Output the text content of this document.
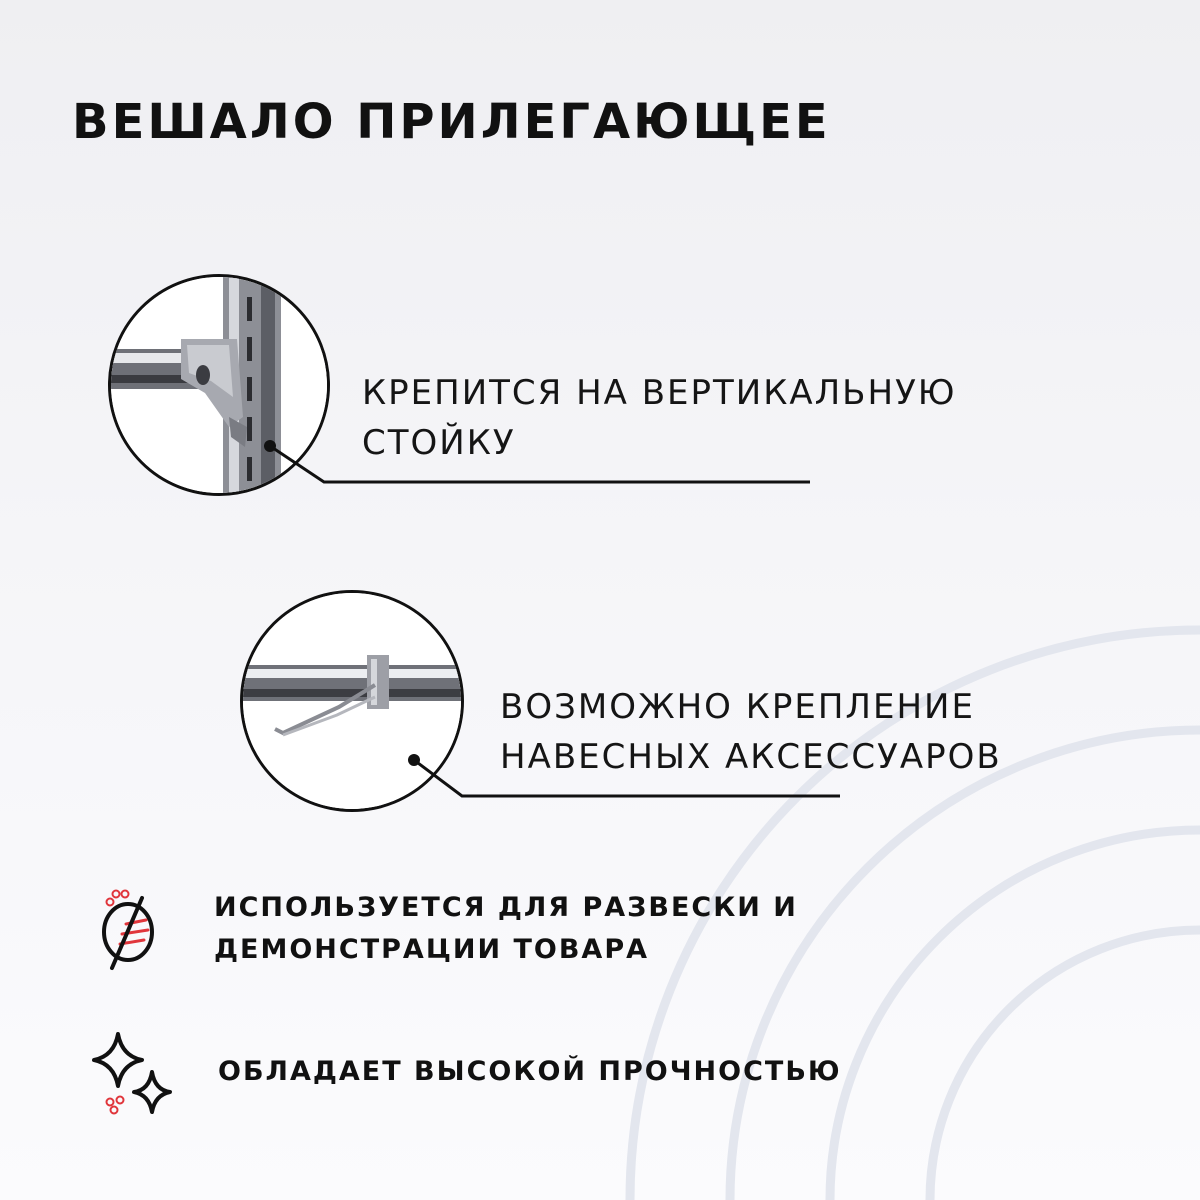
ВЕШАЛО ПРИЛЕГАЮЩЕЕ
КРЕПИТСЯ НА ВЕРТИКАЛЬНУЮ
СТОЙКУ
ВОЗМОЖНО КРЕПЛЕНИЕ
НАВЕСНЫХ АКСЕССУАРОВ
ИСПОЛЬЗУЕТСЯ ДЛЯ РАЗВЕСКИ И
ДЕМОНСТРАЦИИ ТОВАРА
ОБЛАДАЕТ ВЫСОКОЙ ПРОЧНОСТЬЮ
